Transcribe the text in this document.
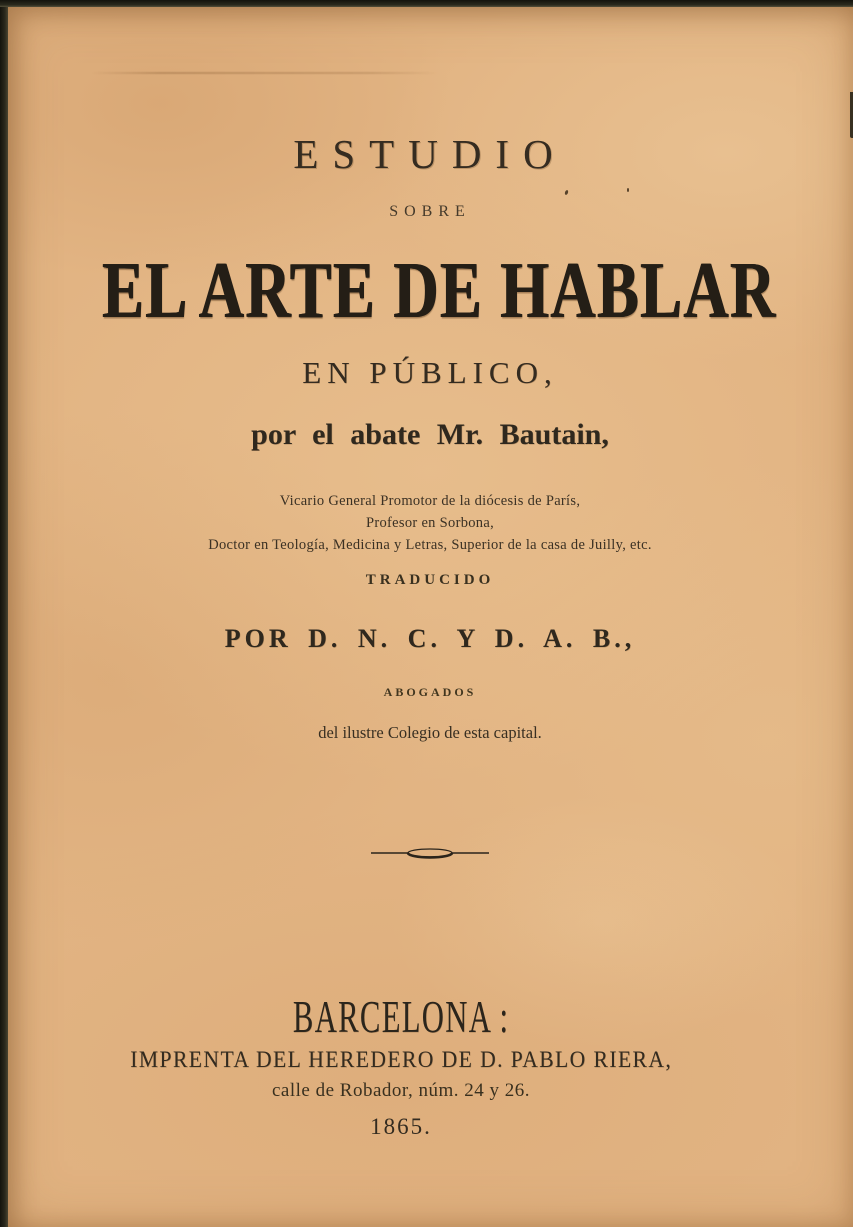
ESTUDIO
SOBRE
EL ARTE DE HABLAR
EN PÚBLICO,
por el abate Mr. Bautain,
Vicario General Promotor de la diócesis de París,
Profesor en Sorbona,
Doctor en Teología, Medicina y Letras, Superior de la casa de Juilly, etc.
TRADUCIDO
POR D. N. C. Y D. A. B.,
ABOGADOS
del ilustre Colegio de esta capital.
BARCELONA :
IMPRENTA DEL HEREDERO DE D. PABLO RIERA,
calle de Robador, núm. 24 y 26.
1865.
